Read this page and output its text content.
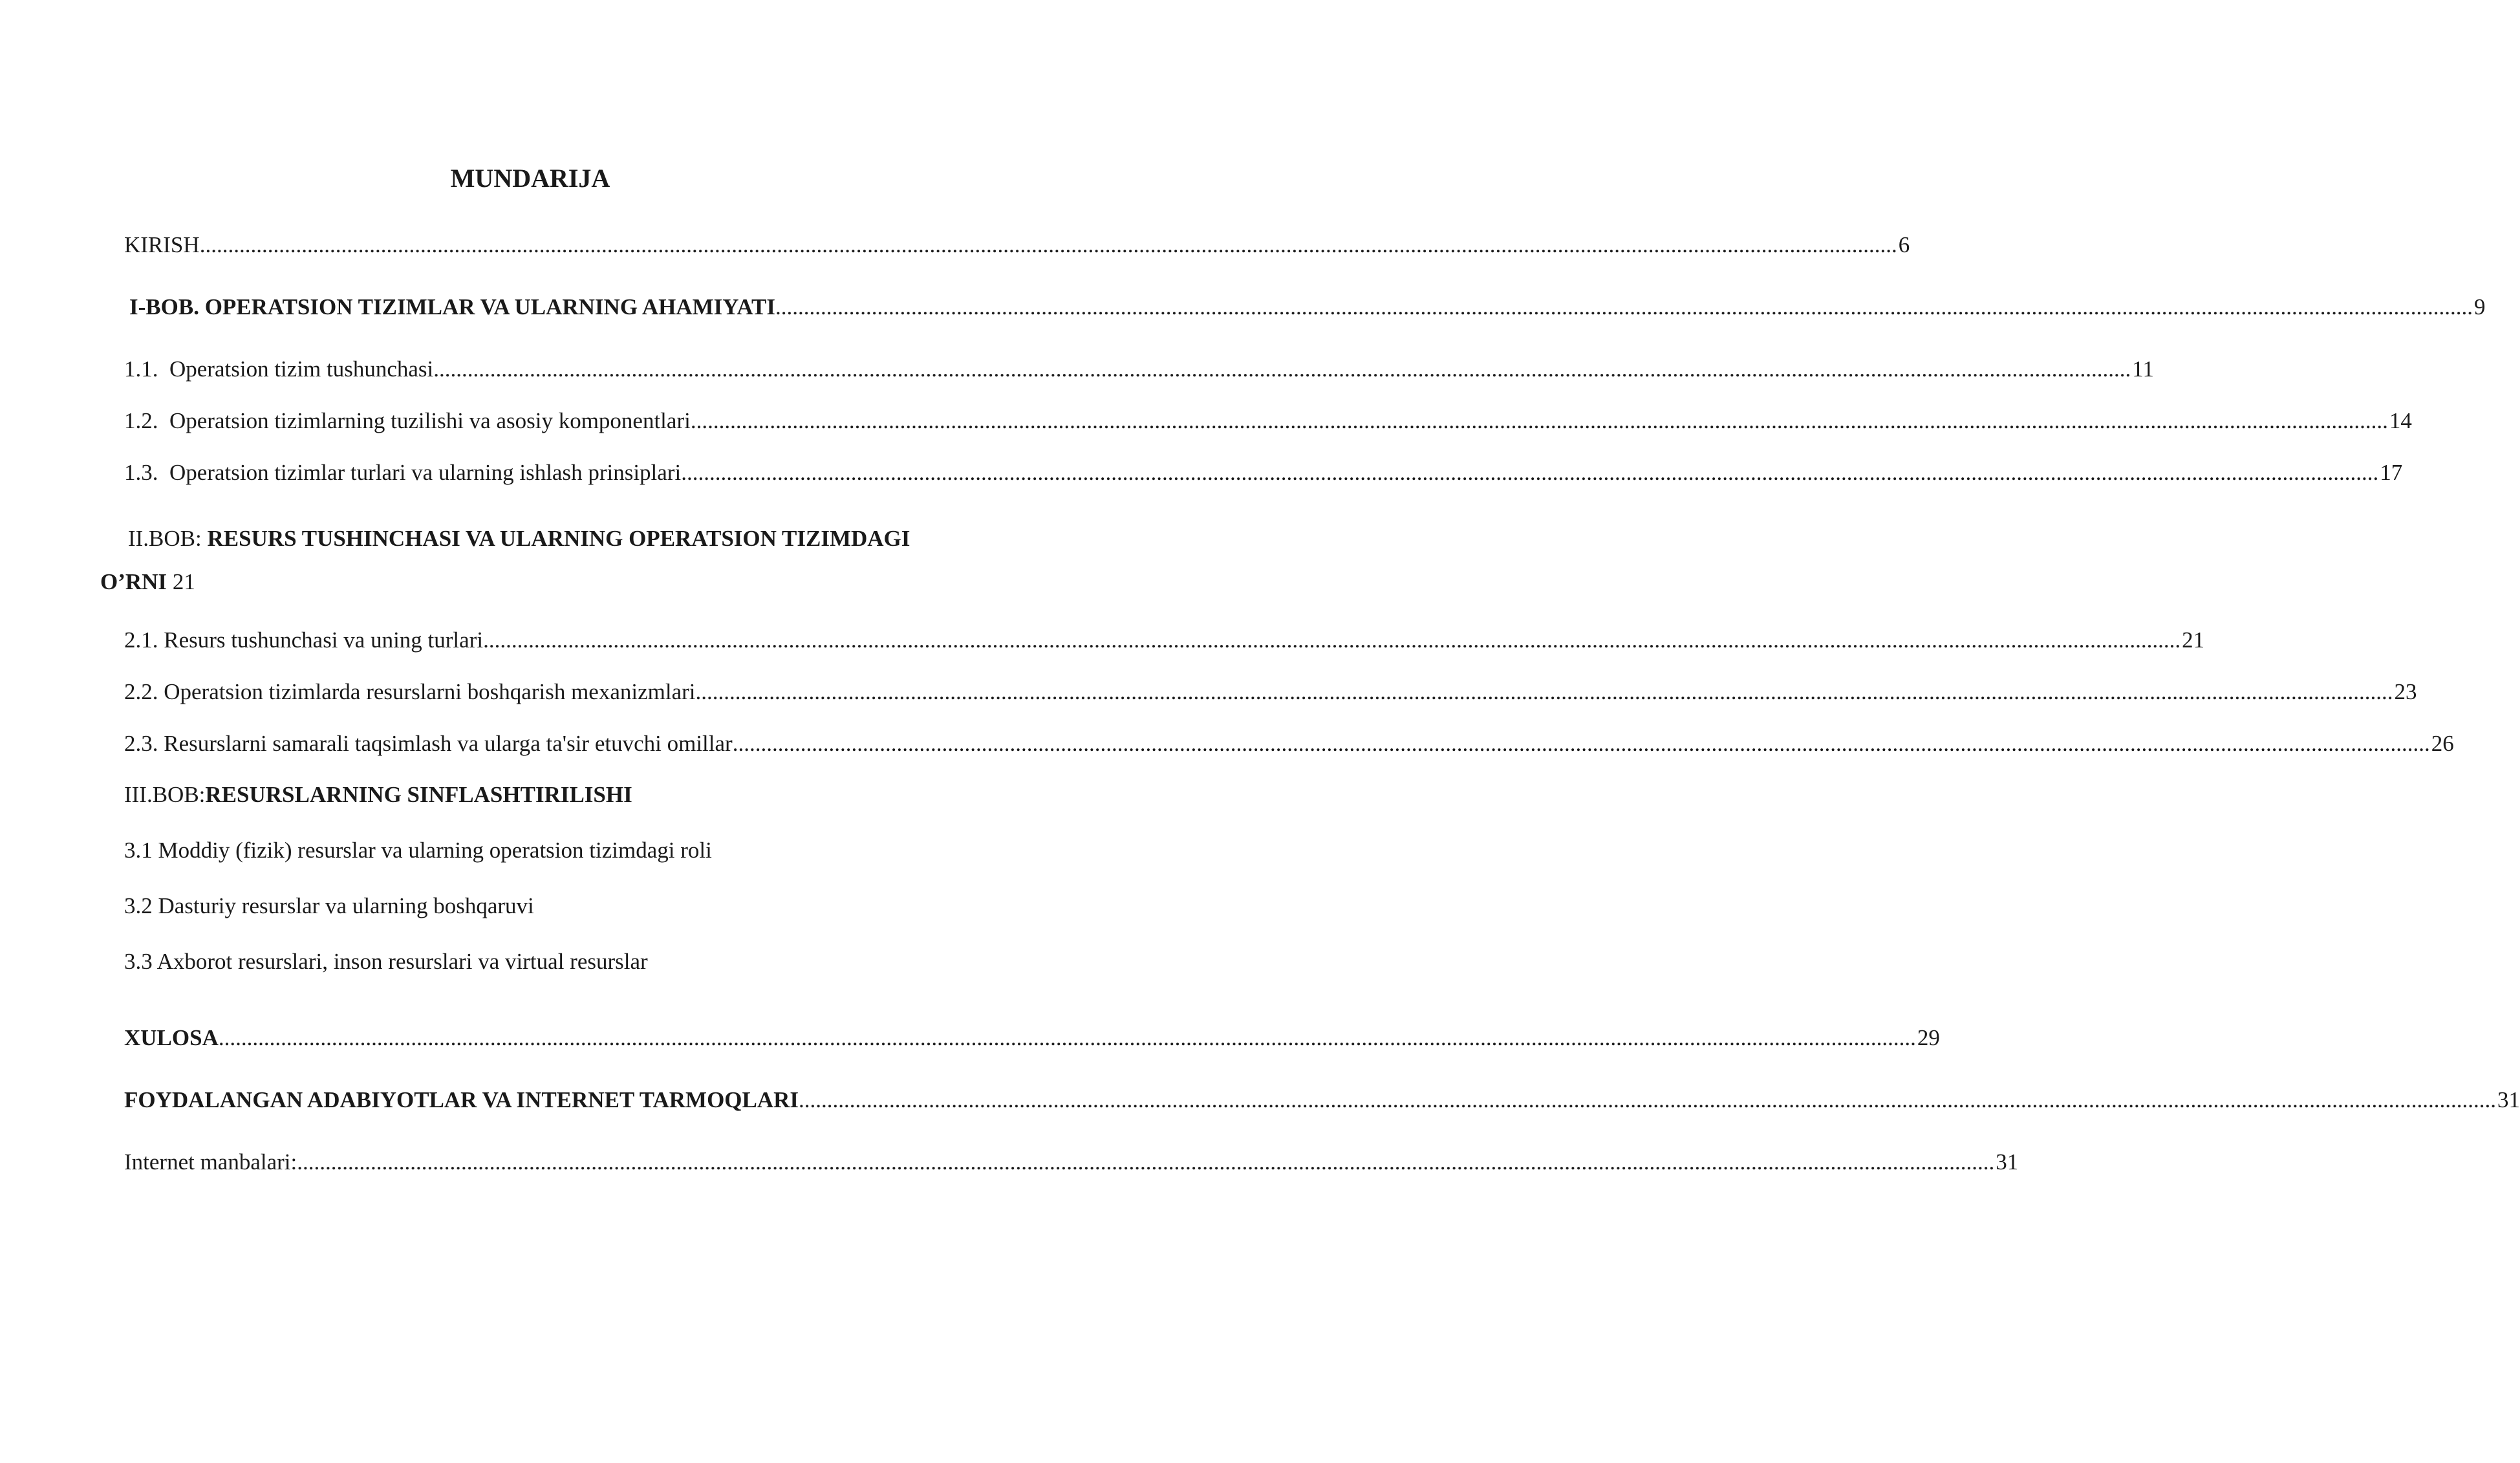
MUNDARIJA
KIRISH ............................................................................................................................................................................................................................................................................................................ 6
I-BOB. OPERATSION TIZIMLAR VA ULARNING AHAMIYATI ............................................................................................................................................................................................................................................................................................................ 9
1.1. Operatsion tizim tushunchasi ............................................................................................................................................................................................................................................................................................................ 11
1.2. Operatsion tizimlarning tuzilishi va asosiy komponentlari ............................................................................................................................................................................................................................................................................................................ 14
1.3. Operatsion tizimlar turlari va ularning ishlash prinsiplari ............................................................................................................................................................................................................................................................................................................ 17
II.BOB: RESURS TUSHINCHASI VA ULARNING OPERATSION TIZIMDAGI
O’RNI 21
2.1. Resurs tushunchasi va uning turlari ............................................................................................................................................................................................................................................................................................................ 21
2.2. Operatsion tizimlarda resurslarni boshqarish mexanizmlari ............................................................................................................................................................................................................................................................................................................ 23
2.3. Resurslarni samarali taqsimlash va ularga ta'sir etuvchi omillar ............................................................................................................................................................................................................................................................................................................ 26
III.BOB:RESURSLARNING SINFLASHTIRILISHI
3.1 Moddiy (fizik) resurslar va ularning operatsion tizimdagi roli
3.2 Dasturiy resurslar va ularning boshqaruvi
3.3 Axborot resurslari, inson resurslari va virtual resurslar
XULOSA ............................................................................................................................................................................................................................................................................................................ 29
FOYDALANGAN ADABIYOTLAR VA INTERNET TARMOQLARI ............................................................................................................................................................................................................................................................................................................ 31
Internet manbalari: ............................................................................................................................................................................................................................................................................................................ 31
